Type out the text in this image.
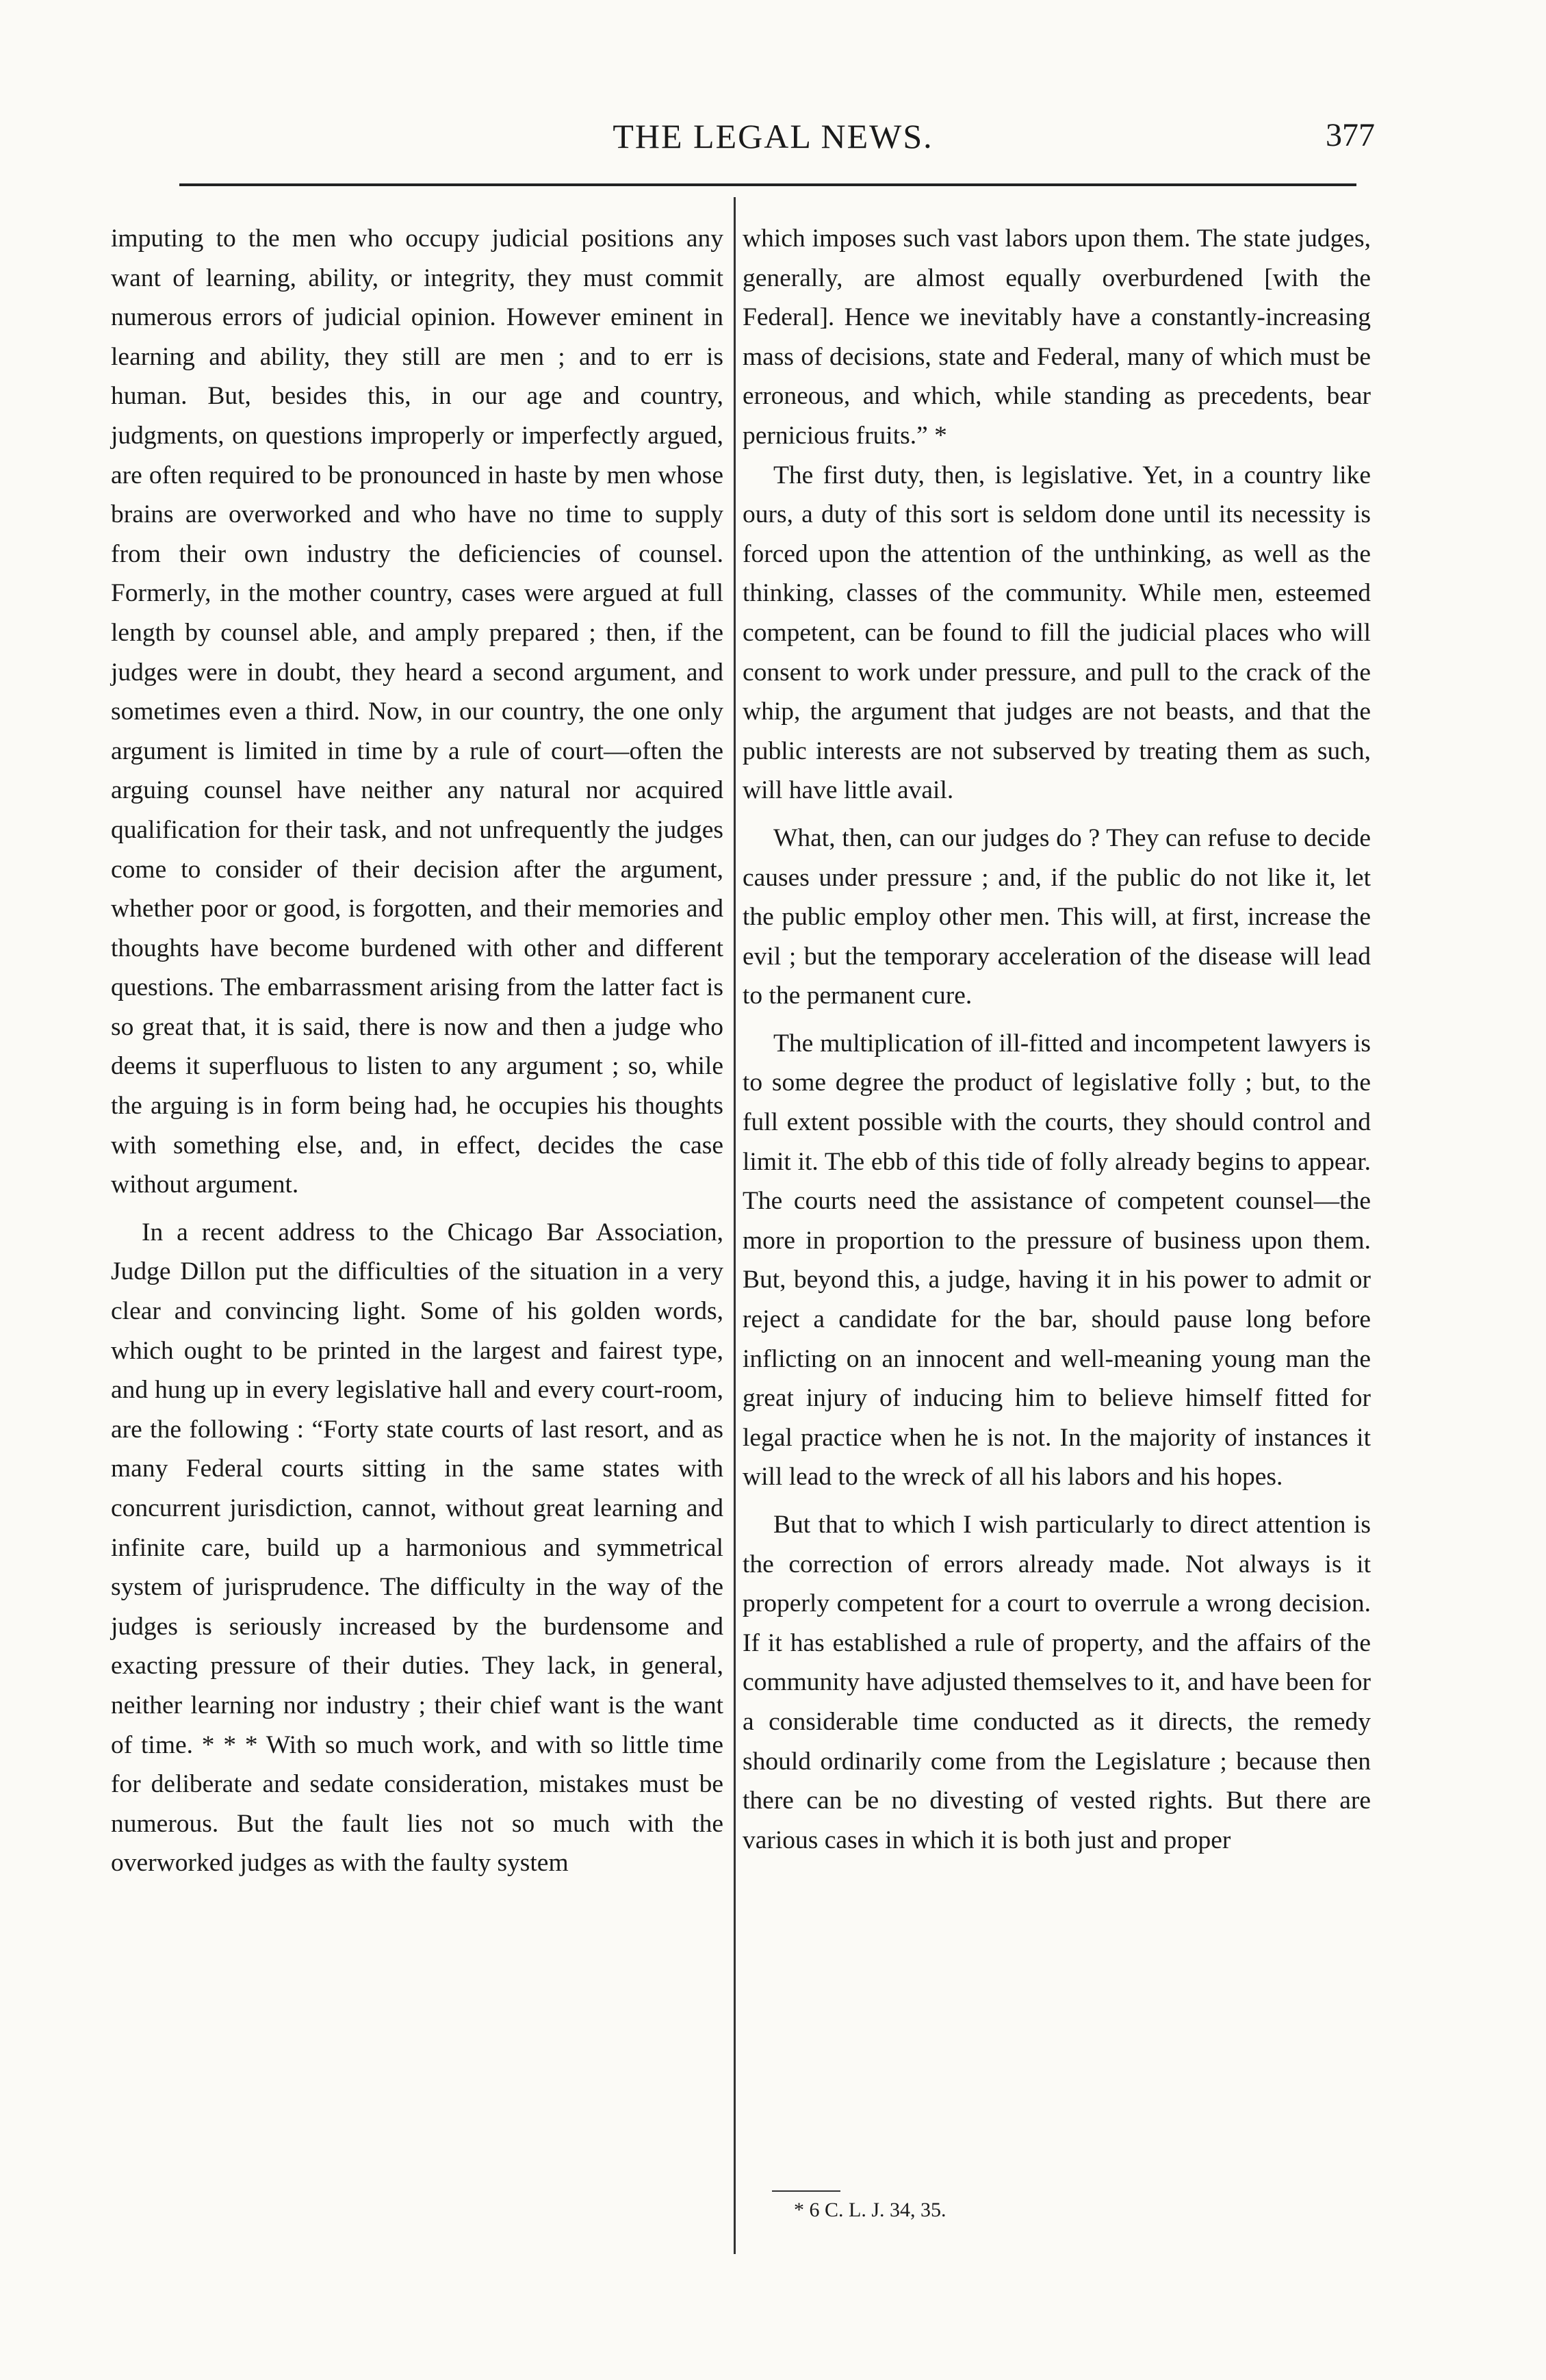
THE LEGAL NEWS.	377

imputing to the men who occupy judicial positions any want of learning, ability, or integrity, they must commit numerous errors of judicial opinion. However eminent in learning and ability, they still are men ; and to err is human. But, besides this, in our age and country, judgments, on questions improperly or imperfectly argued, are often required to be pronounced in haste by men whose brains are overworked and who have no time to supply from their own industry the deficiencies of counsel. Formerly, in the mother country, cases were argued at full length by counsel able, and amply prepared ; then, if the judges were in doubt, they heard a second argument, and sometimes even a third. Now, in our country, the one only argument is limited in time by a rule of court—often the arguing counsel have neither any natural nor acquired qualification for their task, and not unfrequently the judges come to consider of their decision after the argument, whether poor or good, is forgotten, and their memories and thoughts have become burdened with other and different questions. The embarrassment arising from the latter fact is so great that, it is said, there is now and then a judge who deems it superfluous to listen to any argument ; so, while the arguing is in form being had, he occupies his thoughts with something else, and, in effect, decides the case without argument.

In a recent address to the Chicago Bar Association, Judge Dillon put the difficulties of the situation in a very clear and convincing light. Some of his golden words, which ought to be printed in the largest and fairest type, and hung up in every legislative hall and every court-room, are the following : “Forty state courts of last resort, and as many Federal courts sitting in the same states with concurrent jurisdiction, cannot, without great learning and infinite care, build up a harmonious and symmetrical system of jurisprudence. The difficulty in the way of the judges is seriously increased by the burdensome and exacting pressure of their duties. They lack, in general, neither learning nor industry ; their chief want is the want of time. * * * With so much work, and with so little time for deliberate and sedate consideration, mistakes must be numerous. But the fault lies not so much with the overworked judges as with the faulty system

which imposes such vast labors upon them. The state judges, generally, are almost equally overburdened [with the Federal]. Hence we inevitably have a constantly-increasing mass of decisions, state and Federal, many of which must be erroneous, and which, while standing as precedents, bear pernicious fruits.” *

The first duty, then, is legislative. Yet, in a country like ours, a duty of this sort is seldom done until its necessity is forced upon the attention of the unthinking, as well as the thinking, classes of the community. While men, esteemed competent, can be found to fill the judicial places who will consent to work under pressure, and pull to the crack of the whip, the argument that judges are not beasts, and that the public interests are not subserved by treating them as such, will have little avail.

What, then, can our judges do ? They can refuse to decide causes under pressure ; and, if the public do not like it, let the public employ other men. This will, at first, increase the evil ; but the temporary acceleration of the disease will lead to the permanent cure.

The multiplication of ill-fitted and incompetent lawyers is to some degree the product of legislative folly ; but, to the full extent possible with the courts, they should control and limit it. The ebb of this tide of folly already begins to appear. The courts need the assistance of competent counsel—the more in proportion to the pressure of business upon them. But, beyond this, a judge, having it in his power to admit or reject a candidate for the bar, should pause long before inflicting on an innocent and well-meaning young man the great injury of inducing him to believe himself fitted for legal practice when he is not. In the majority of instances it will lead to the wreck of all his labors and his hopes.

But that to which I wish particularly to direct attention is the correction of errors already made. Not always is it properly competent for a court to overrule a wrong decision. If it has established a rule of property, and the affairs of the community have adjusted themselves to it, and have been for a considerable time conducted as it directs, the remedy should ordinarily come from the Legislature ; because then there can be no divesting of vested rights. But there are various cases in which it is both just and proper

* 6 C. L. J. 34, 35.
